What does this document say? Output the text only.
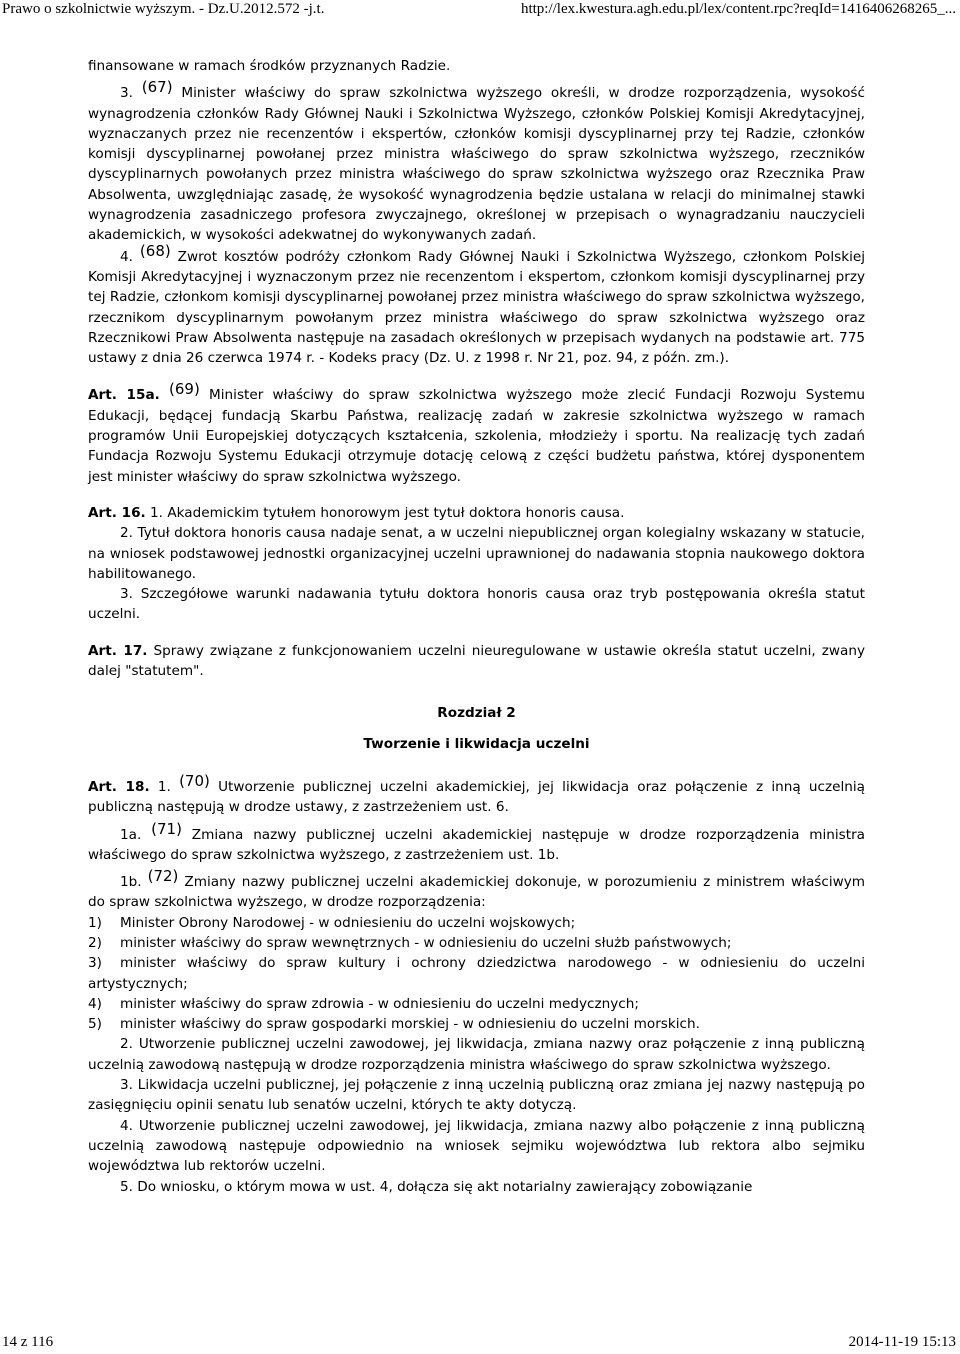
Prawo o szkolnictwie wyższym. - Dz.U.2012.572 -j.t.	http://lex.kwestura.agh.edu.pl/lex/content.rpc?reqId=1416406268265_...

finansowane w ramach środków przyznanych Radzie.

3. (67) Minister właściwy do spraw szkolnictwa wyższego określi, w drodze rozporządzenia, wysokość wynagrodzenia członków Rady Głównej Nauki i Szkolnictwa Wyższego, członków Polskiej Komisji Akredytacyjnej, wyznaczanych przez nie recenzentów i ekspertów, członków komisji dyscyplinarnej przy tej Radzie, członków komisji dyscyplinarnej powołanej przez ministra właściwego do spraw szkolnictwa wyższego, rzeczników dyscyplinarnych powołanych przez ministra właściwego do spraw szkolnictwa wyższego oraz Rzecznika Praw Absolwenta, uwzględniając zasadę, że wysokość wynagrodzenia będzie ustalana w relacji do minimalnej stawki wynagrodzenia zasadniczego profesora zwyczajnego, określonej w przepisach o wynagradzaniu nauczycieli akademickich, w wysokości adekwatnej do wykonywanych zadań.

4. (68) Zwrot kosztów podróży członkom Rady Głównej Nauki i Szkolnictwa Wyższego, członkom Polskiej Komisji Akredytacyjnej i wyznaczonym przez nie recenzentom i ekspertom, członkom komisji dyscyplinarnej przy tej Radzie, członkom komisji dyscyplinarnej powołanej przez ministra właściwego do spraw szkolnictwa wyższego, rzecznikom dyscyplinarnym powołanym przez ministra właściwego do spraw szkolnictwa wyższego oraz Rzecznikowi Praw Absolwenta następuje na zasadach określonych w przepisach wydanych na podstawie art. 775 ustawy z dnia 26 czerwca 1974 r. - Kodeks pracy (Dz. U. z 1998 r. Nr 21, poz. 94, z późn. zm.).

Art. 15a. (69) Minister właściwy do spraw szkolnictwa wyższego może zlecić Fundacji Rozwoju Systemu Edukacji, będącej fundacją Skarbu Państwa, realizację zadań w zakresie szkolnictwa wyższego w ramach programów Unii Europejskiej dotyczących kształcenia, szkolenia, młodzieży i sportu. Na realizację tych zadań Fundacja Rozwoju Systemu Edukacji otrzymuje dotację celową z części budżetu państwa, której dysponentem jest minister właściwy do spraw szkolnictwa wyższego.

Art. 16. 1. Akademickim tytułem honorowym jest tytuł doktora honoris causa.

2. Tytuł doktora honoris causa nadaje senat, a w uczelni niepublicznej organ kolegialny wskazany w statucie, na wniosek podstawowej jednostki organizacyjnej uczelni uprawnionej do nadawania stopnia naukowego doktora habilitowanego.

3. Szczegółowe warunki nadawania tytułu doktora honoris causa oraz tryb postępowania określa statut uczelni.

Art. 17. Sprawy związane z funkcjonowaniem uczelni nieuregulowane w ustawie określa statut uczelni, zwany dalej "statutem".

Rozdział 2

Tworzenie i likwidacja uczelni

Art. 18. 1. (70) Utworzenie publicznej uczelni akademickiej, jej likwidacja oraz połączenie z inną uczelnią publiczną następują w drodze ustawy, z zastrzeżeniem ust. 6.

1a. (71) Zmiana nazwy publicznej uczelni akademickiej następuje w drodze rozporządzenia ministra właściwego do spraw szkolnictwa wyższego, z zastrzeżeniem ust. 1b.

1b. (72) Zmiany nazwy publicznej uczelni akademickiej dokonuje, w porozumieniu z ministrem właściwym do spraw szkolnictwa wyższego, w drodze rozporządzenia:

1) Minister Obrony Narodowej - w odniesieniu do uczelni wojskowych;

2) minister właściwy do spraw wewnętrznych - w odniesieniu do uczelni służb państwowych;

3) minister właściwy do spraw kultury i ochrony dziedzictwa narodowego - w odniesieniu do uczelni artystycznych;

4) minister właściwy do spraw zdrowia - w odniesieniu do uczelni medycznych;

5) minister właściwy do spraw gospodarki morskiej - w odniesieniu do uczelni morskich.

2. Utworzenie publicznej uczelni zawodowej, jej likwidacja, zmiana nazwy oraz połączenie z inną publiczną uczelnią zawodową następują w drodze rozporządzenia ministra właściwego do spraw szkolnictwa wyższego.

3. Likwidacja uczelni publicznej, jej połączenie z inną uczelnią publiczną oraz zmiana jej nazwy następują po zasięgnięciu opinii senatu lub senatów uczelni, których te akty dotyczą.

4. Utworzenie publicznej uczelni zawodowej, jej likwidacja, zmiana nazwy albo połączenie z inną publiczną uczelnią zawodową następuje odpowiednio na wniosek sejmiku województwa lub rektora albo sejmiku województwa lub rektorów uczelni.

5. Do wniosku, o którym mowa w ust. 4, dołącza się akt notarialny zawierający zobowiązanie

14 z 116	2014-11-19 15:13
